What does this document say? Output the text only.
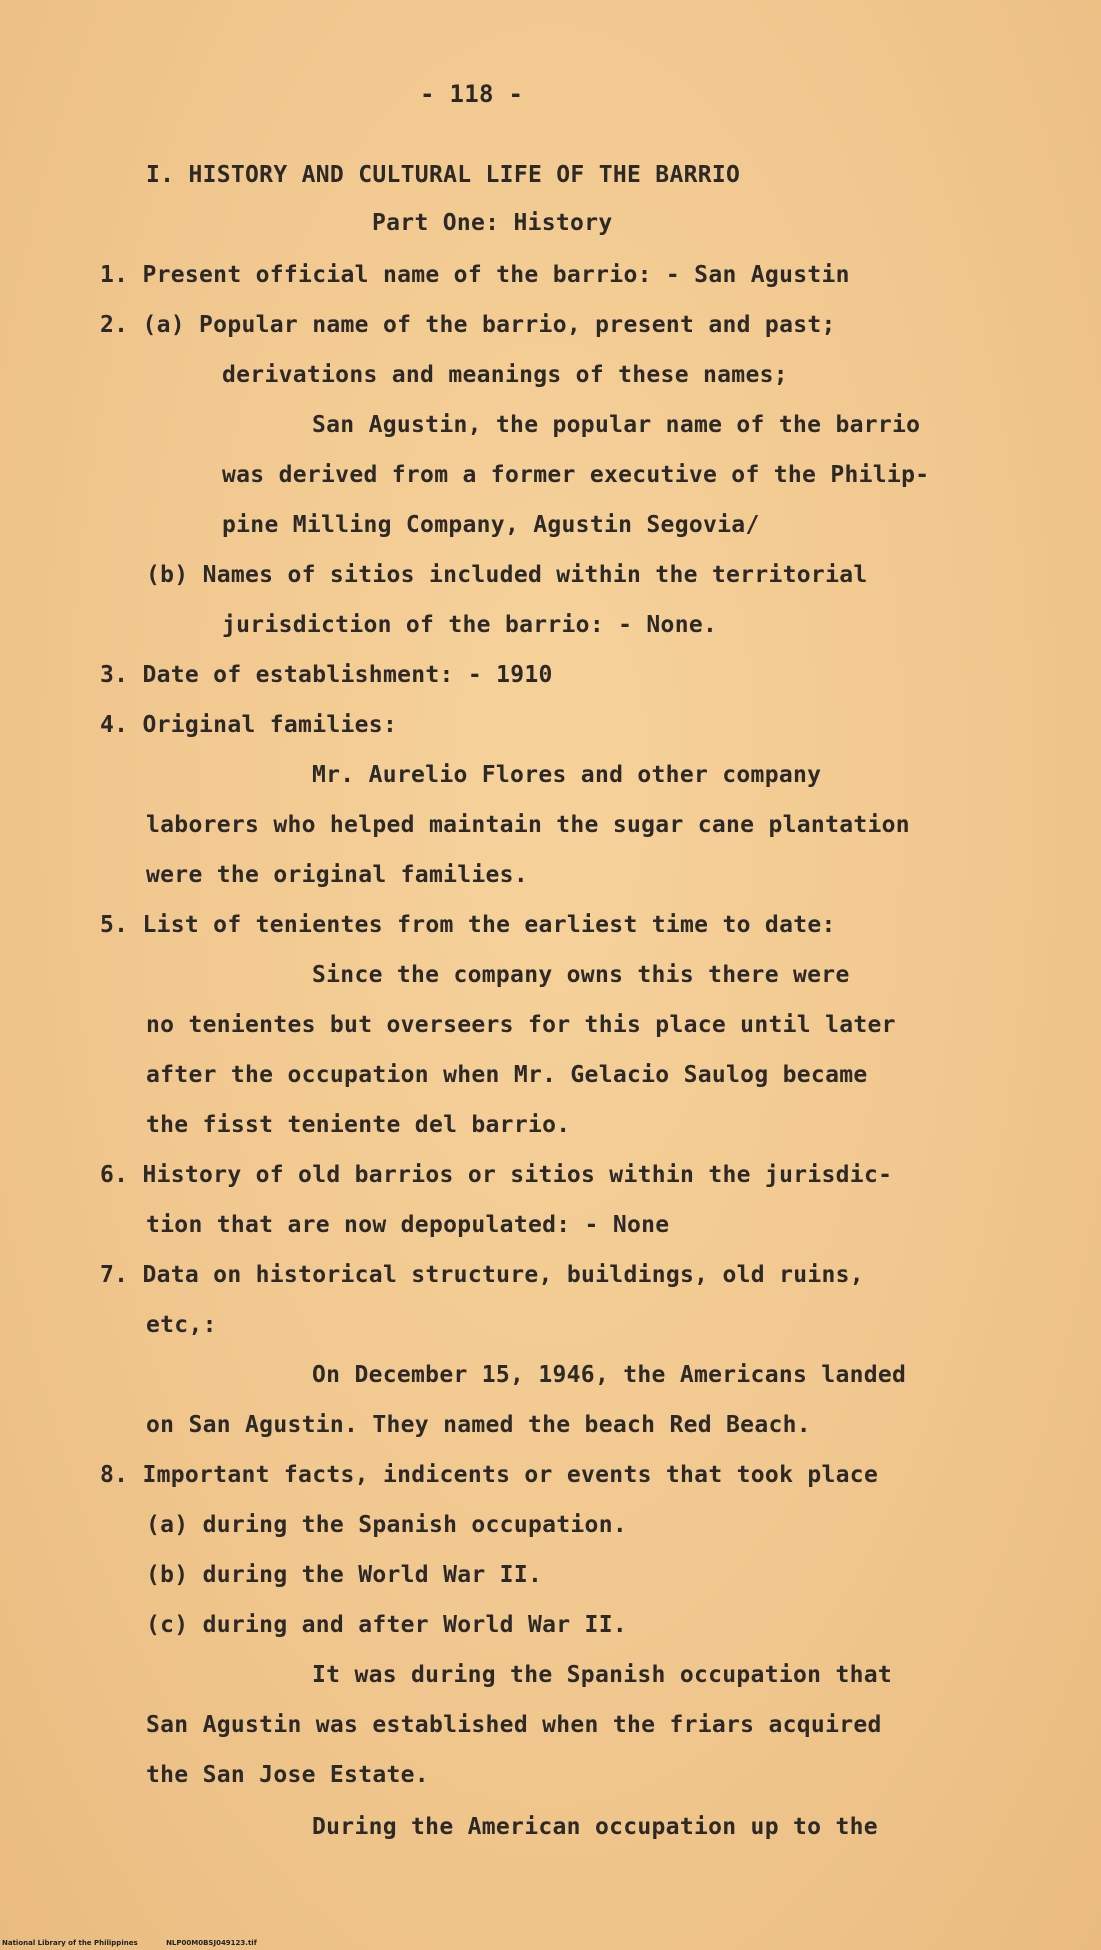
- 118 -
I. HISTORY AND CULTURAL LIFE OF THE BARRIO
Part One: History
1. Present official name of the barrio: - San Agustin
2. (a) Popular name of the barrio, present and past;
derivations and meanings of these names;
San Agustin, the popular name of the barrio
was derived from a former executive of the Philip-
pine Milling Company, Agustin Segovia/
(b) Names of sitios included within the territorial
jurisdiction of the barrio: - None.
3. Date of establishment: - 1910
4. Original families:
Mr. Aurelio Flores and other company
laborers who helped maintain the sugar cane plantation
were the original families.
5. List of tenientes from the earliest time to date:
Since the company owns this there were
no tenientes but overseers for this place until later
after the occupation when Mr. Gelacio Saulog became
the fisst teniente del barrio.
6. History of old barrios or sitios within the jurisdic-
tion that are now depopulated: - None
7. Data on historical structure, buildings, old ruins,
etc,:
On December 15, 1946, the Americans landed
on San Agustin. They named the beach Red Beach.
8. Important facts, indicents or events that took place
(a) during the Spanish occupation.
(b) during the World War II.
(c) during and after World War II.
It was during the Spanish occupation that
San Agustin was established when the friars acquired
the San Jose Estate.
During the American occupation up to the
National Library of the Philippines	NLP00M0BSJ049123.tif
